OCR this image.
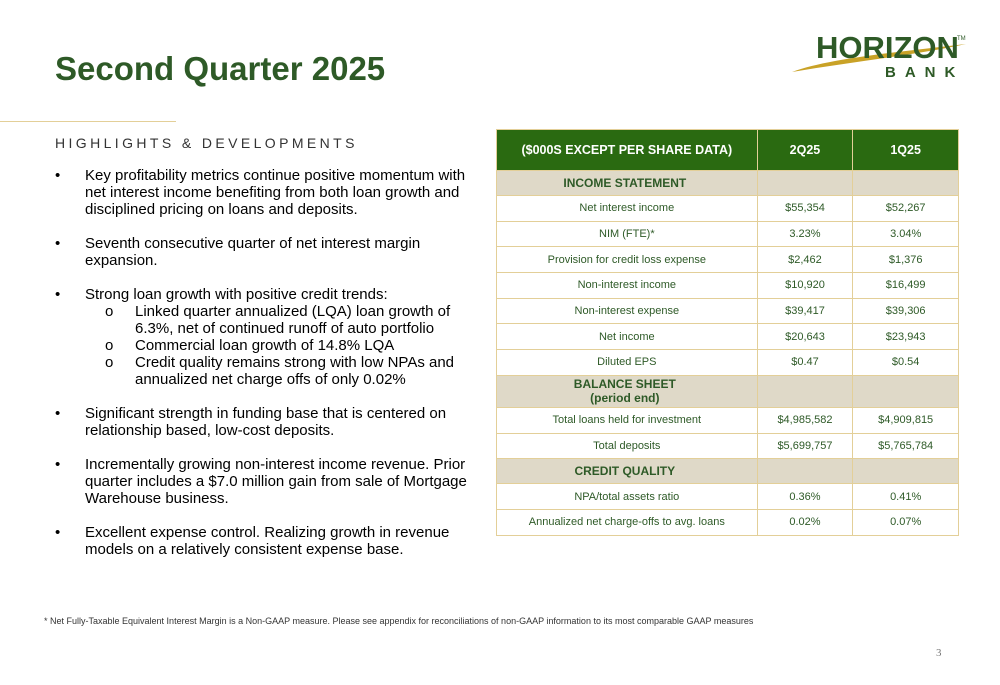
Second Quarter 2025
HORIZON
TM
BANK
HIGHLIGHTS & DEVELOPMENTS
• Key profitability metrics continue positive momentum with net interest income benefiting from both loan growth and disciplined pricing on loans and deposits.
• Seventh consecutive quarter of net interest margin expansion.
• Strong loan growth with positive credit trends:
o Linked quarter annualized (LQA) loan growth of 6.3%, net of continued runoff of auto portfolio
o Commercial loan growth of 14.8% LQA
o Credit quality remains strong with low NPAs and annualized net charge offs of only 0.02%
• Significant strength in funding base that is centered on relationship based, low-cost deposits.
• Incrementally growing non-interest income revenue. Prior quarter includes a $7.0 million gain from sale of Mortgage Warehouse business.
• Excellent expense control. Realizing growth in revenue models on a relatively consistent expense base.
($000S EXCEPT PER SHARE DATA)	2Q25	1Q25
INCOME STATEMENT		
Net interest income	$55,354	$52,267
NIM (FTE)*	3.23%	3.04%
Provision for credit loss expense	$2,462	$1,376
Non-interest income	$10,920	$16,499
Non-interest expense	$39,417	$39,306
Net income	$20,643	$23,943
Diluted EPS	$0.47	$0.54
BALANCE SHEET
(period end)		
Total loans held for investment	$4,985,582	$4,909,815
Total deposits	$5,699,757	$5,765,784
CREDIT QUALITY		
NPA/total assets ratio	0.36%	0.41%
Annualized net charge-offs to avg. loans	0.02%	0.07%
* Net Fully-Taxable Equivalent Interest Margin is a Non-GAAP measure. Please see appendix for reconciliations of non-GAAP information to its most comparable GAAP measures
3
